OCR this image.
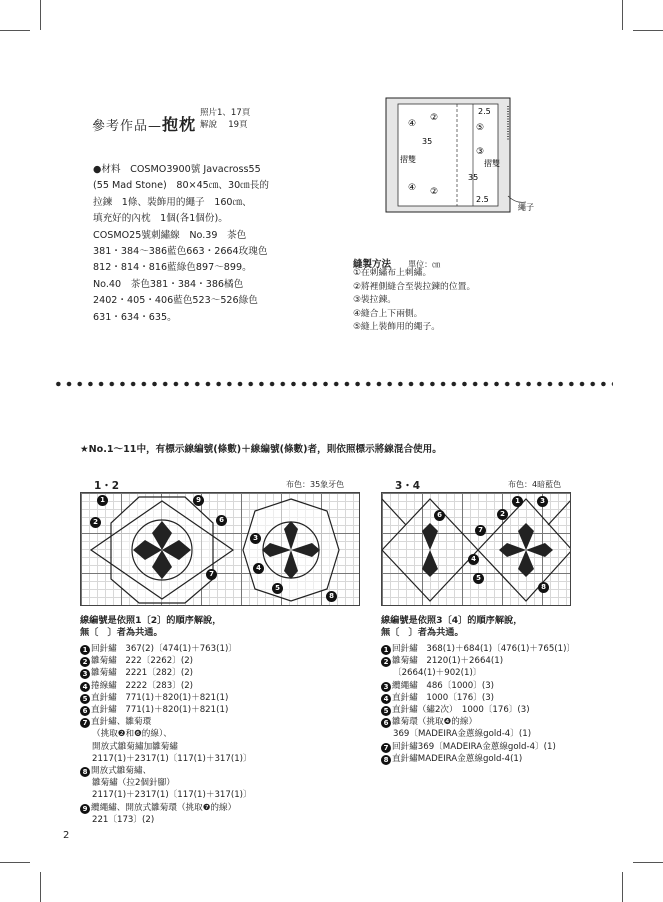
參考作品—抱枕
照片1、17頁
解說　 19頁
●材料　COSMO3900號 Javacross55
(55 Mad Stone)　80×45㎝、30㎝長的
拉鍊　1條、裝飾用的繩子　160㎝、
填充好的內枕　1個(各1個份)。
COSMO25號刺繡線　No.39　茶色
381・384〜386藍色663・2664玫瑰色
812・814・816藍綠色897〜899。
No.40　茶色381・384・386橘色
2402・405・406藍色523〜526綠色
631・634・635。
2.5
④
②
⑤
35
③
摺雙	摺雙
35
④ ②
2.5
繩子
縫製方法 單位：㎝
①在刺繡布上刺繡。
②將裡側縫合至裝拉鍊的位置。
③裝拉鍊。
④縫合上下兩側。
⑤縫上裝飾用的繩子。
★No.1〜11中，有標示線編號(條數)＋線編號(條數)者，則依照標示將線混合使用。
1・2	布色：35象牙色
1	9
2	6
3
7
4
5
8
3・4	布色：4暗藍色
1	3
6	2
7
4
5
8
線編號是依照1〔2〕的順序解說，
無〔　〕者為共通。
1 回針繡　367(2)〔474(1)＋763(1)〕
2 雛菊繡　222〔2262〕(2)
3 雛菊繡　2221〔282〕(2)
4 捲線繡　2222〔283〕(2)
5 直針繡　771(1)＋820(1)＋821(1)
6 直針繡　771(1)＋820(1)＋821(1)
7 直針繡、雛菊環
（挑取❷和❻的線）、
開放式雛菊繡加雛菊繡
2117(1)＋2317(1)〔117(1)＋317(1)〕
8 開放式雛菊繡、
雛菊繡（拉2個針腳）
2117(1)＋2317(1)〔117(1)＋317(1)〕
9 纜繩繡、開放式雛菊環（挑取❼的線）
221〔173〕(2)
線編號是依照3〔4〕的順序解說，
無〔　〕者為共通。
1 回針繡　368(1)＋684(1)〔476(1)＋765(1)〕
2 雛菊繡　2120(1)＋2664(1)
〔2664(1)＋902(1)〕
3 纜繩繡　486〔1000〕(3)
4 直針繡　1000〔176〕(3)
5 直針繡（繡2次）　1000〔176〕(3)
6 雛菊環（挑取❹的線）
369〔MADEIRA金蔥線gold-4〕(1)
7 回針繡369〔MADEIRA金蔥線gold-4〕(1)
8 直針繡MADEIRA金蔥線gold-4(1)
2
